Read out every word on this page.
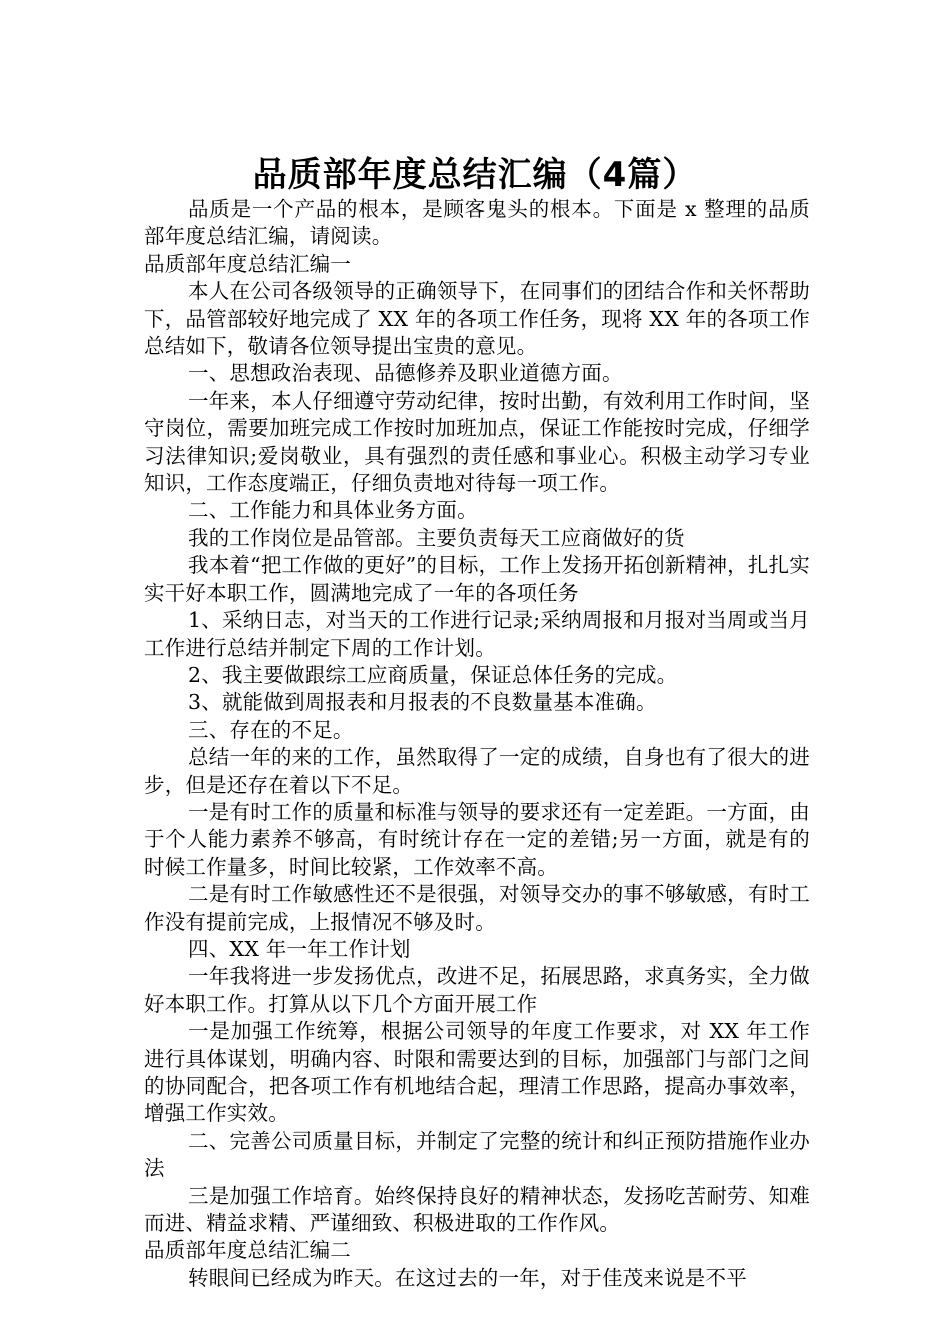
品质部年度总结汇编（4篇）

品质是一个产品的根本，是顾客鬼头的根本。下面是 x 整理的品质部年度总结汇编，请阅读。

品质部年度总结汇编一

本人在公司各级领导的正确领导下，在同事们的团结合作和关怀帮助下，品管部较好地完成了 XX 年的各项工作任务，现将 XX 年的各项工作总结如下，敬请各位领导提出宝贵的意见。

一、思想政治表现、品德修养及职业道德方面。

一年来，本人仔细遵守劳动纪律，按时出勤，有效利用工作时间，坚守岗位，需要加班完成工作按时加班加点，保证工作能按时完成，仔细学习法律知识;爱岗敬业，具有强烈的责任感和事业心。积极主动学习专业知识，工作态度端正，仔细负责地对待每一项工作。

二、工作能力和具体业务方面。

我的工作岗位是品管部。主要负责每天工应商做好的货

我本着“把工作做的更好”的目标，工作上发扬开拓创新精神，扎扎实实干好本职工作，圆满地完成了一年的各项任务

1、采纳日志，对当天的工作进行记录;采纳周报和月报对当周或当月工作进行总结并制定下周的工作计划。

2、我主要做跟综工应商质量，保证总体任务的完成。

3、就能做到周报表和月报表的不良数量基本准确。

三、存在的不足。

总结一年的来的工作，虽然取得了一定的成绩，自身也有了很大的进步，但是还存在着以下不足。

一是有时工作的质量和标准与领导的要求还有一定差距。一方面，由于个人能力素养不够高，有时统计存在一定的差错;另一方面，就是有的时候工作量多，时间比较紧，工作效率不高。

二是有时工作敏感性还不是很强，对领导交办的事不够敏感，有时工作没有提前完成，上报情况不够及时。

四、XX 年一年工作计划

一年我将进一步发扬优点，改进不足，拓展思路，求真务实，全力做好本职工作。打算从以下几个方面开展工作

一是加强工作统筹，根据公司领导的年度工作要求，对 XX 年工作进行具体谋划，明确内容、时限和需要达到的目标，加强部门与部门之间的协同配合，把各项工作有机地结合起，理清工作思路，提高办事效率，增强工作实效。

二、完善公司质量目标，并制定了完整的统计和纠正预防措施作业办法

三是加强工作培育。始终保持良好的精神状态，发扬吃苦耐劳、知难而进、精益求精、严谨细致、积极进取的工作作风。

品质部年度总结汇编二

转眼间已经成为昨天。在这过去的一年，对于佳茂来说是不平
